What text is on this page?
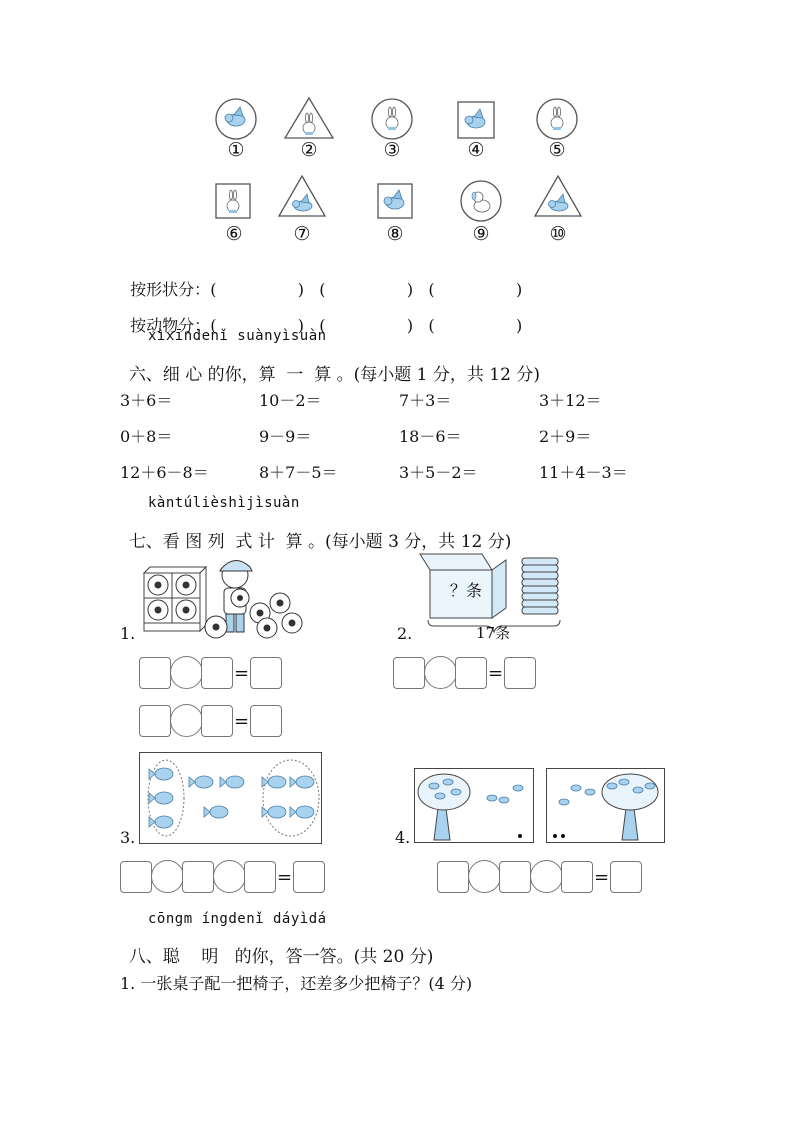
①	②	③	④	⑤
⑥	⑦	⑧	⑨	⑩

按形状分：(                )   (                )   (                )

按动物分：(                )   (                )   (                )

xìxīndenǐ suànyìsuàn

六、细 心 的你，算  一  算 。(每小题 1 分，共 12 分)

3＋6＝	10－2＝	7＋3＝	3＋12＝
0＋8＝	9－9＝	18－6＝	2＋9＝
12＋6－8＝	8＋7－5＝	3＋5－2＝	11＋4－3＝
kàntúlièshìjìsuàn

七、看 图 列  式 计  算 。(每小题 3 分，共 12 分)

1.	2.
？条
17条
=
=
=
3.	4.
=	=
cōngm íngdenǐ dáyìdá

八、聪    明   的你，答一答。(共 20 分)

1. 一张桌子配一把椅子，还差多少把椅子？(4 分)
